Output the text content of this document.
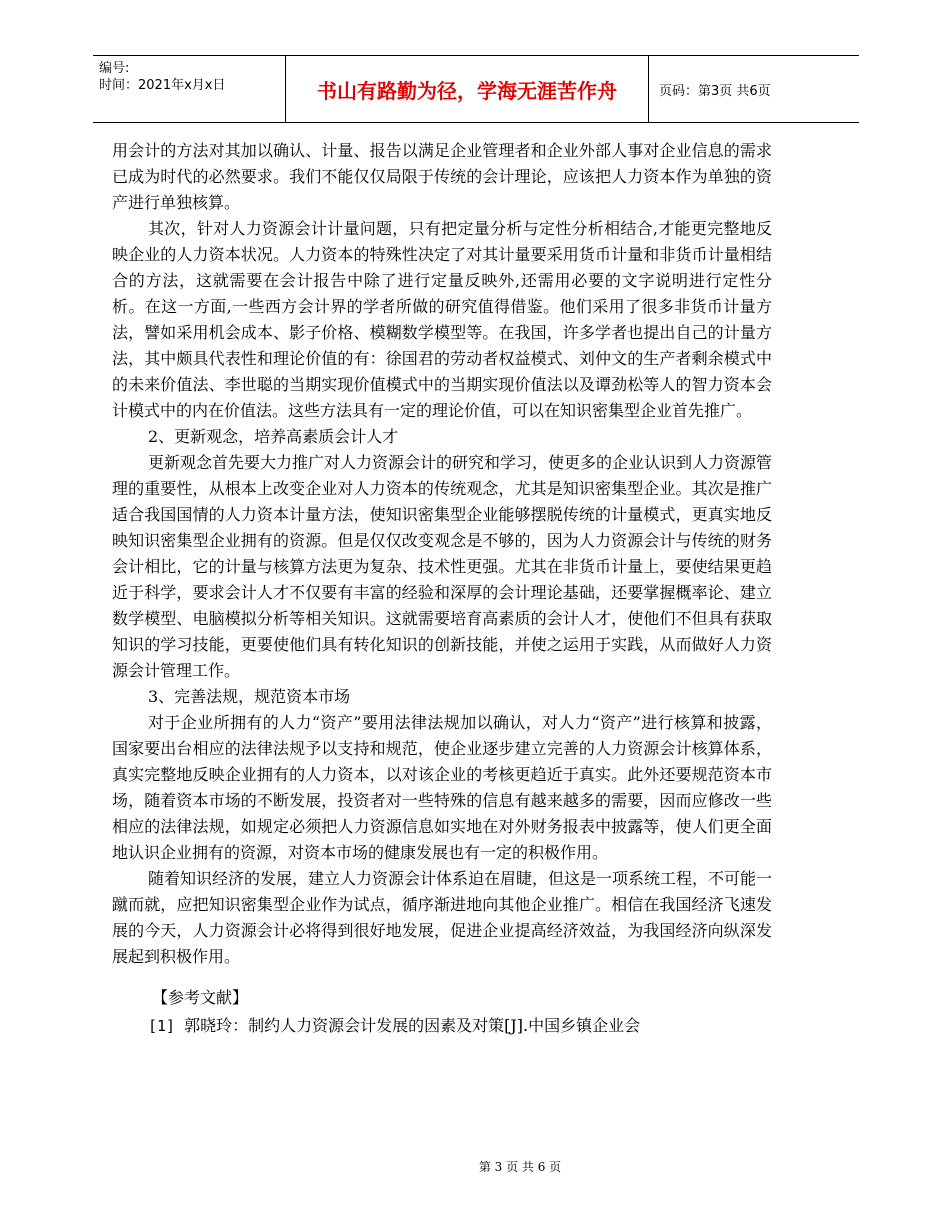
编号:
时间：2021年x月x日	书山有路勤为径，学海无涯苦作舟	页码：第3页 共6页

用会计的方法对其加以确认、计量、报告以满足企业管理者和企业外部人事对企业信息的需求已成为时代的必然要求。我们不能仅仅局限于传统的会计理论，应该把人力资本作为单独的资产进行单独核算。

其次，针对人力资源会计计量问题，只有把定量分析与定性分析相结合,才能更完整地反映企业的人力资本状况。人力资本的特殊性决定了对其计量要采用货币计量和非货币计量相结合的方法，这就需要在会计报告中除了进行定量反映外,还需用必要的文字说明进行定性分析。在这一方面,一些西方会计界的学者所做的研究值得借鉴。他们采用了很多非货币计量方法，譬如采用机会成本、影子价格、模糊数学模型等。在我国，许多学者也提出自己的计量方法，其中颇具代表性和理论价值的有：徐国君的劳动者权益模式、刘仲文的生产者剩余模式中的未来价值法、李世聪的当期实现价值模式中的当期实现价值法以及谭劲松等人的智力资本会计模式中的内在价值法。这些方法具有一定的理论价值，可以在知识密集型企业首先推广。

2、更新观念，培养高素质会计人才

更新观念首先要大力推广对人力资源会计的研究和学习，使更多的企业认识到人力资源管理的重要性，从根本上改变企业对人力资本的传统观念，尤其是知识密集型企业。其次是推广适合我国国情的人力资本计量方法，使知识密集型企业能够摆脱传统的计量模式，更真实地反映知识密集型企业拥有的资源。但是仅仅改变观念是不够的，因为人力资源会计与传统的财务会计相比，它的计量与核算方法更为复杂、技术性更强。尤其在非货币计量上，要使结果更趋近于科学，要求会计人才不仅要有丰富的经验和深厚的会计理论基础，还要掌握概率论、建立数学模型、电脑模拟分析等相关知识。这就需要培育高素质的会计人才，使他们不但具有获取知识的学习技能，更要使他们具有转化知识的创新技能，并使之运用于实践，从而做好人力资源会计管理工作。

3、完善法规，规范资本市场

对于企业所拥有的人力“资产”要用法律法规加以确认，对人力“资产”进行核算和披露，国家要出台相应的法律法规予以支持和规范，使企业逐步建立完善的人力资源会计核算体系，真实完整地反映企业拥有的人力资本，以对该企业的考核更趋近于真实。此外还要规范资本市场，随着资本市场的不断发展，投资者对一些特殊的信息有越来越多的需要，因而应修改一些相应的法律法规，如规定必须把人力资源信息如实地在对外财务报表中披露等，使人们更全面地认识企业拥有的资源，对资本市场的健康发展也有一定的积极作用。

随着知识经济的发展，建立人力资源会计体系迫在眉睫，但这是一项系统工程，不可能一蹴而就，应把知识密集型企业作为试点，循序渐进地向其他企业推广。相信在我国经济飞速发展的今天，人力资源会计必将得到很好地发展，促进企业提高经济效益，为我国经济向纵深发展起到积极作用。

【参考文献】

[1] 郭晓玲：制约人力资源会计发展的因素及对策[J].中国乡镇企业会

第 3 页 共 6 页
